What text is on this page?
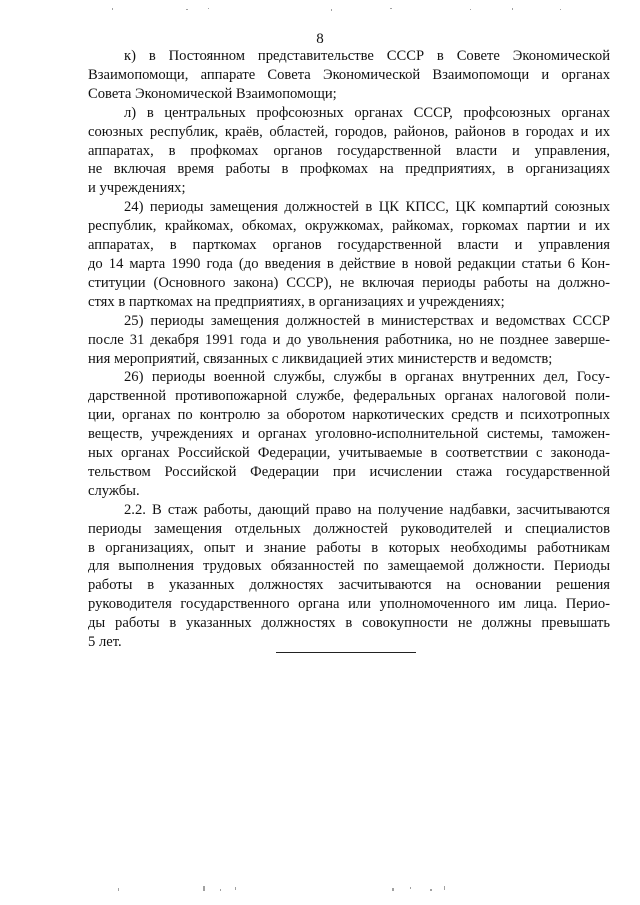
8
к) в Постоянном представительстве СССР в Совете Экономической
Взаимопомощи, аппарате Совета Экономической Взаимопомощи и органах
Совета Экономической Взаимопомощи;
л) в центральных профсоюзных органах СССР, профсоюзных органах
союзных республик, краёв, областей, городов, районов, районов в городах и их
аппаратах, в профкомах органов государственной власти и управления,
не включая время работы в профкомах на предприятиях, в организациях
и учреждениях;
24) периоды замещения должностей в ЦК КПСС, ЦК компартий союзных
республик, крайкомах, обкомах, окружкомах, райкомах, горкомах партии и их
аппаратах, в парткомах органов государственной власти и управления
до 14 марта 1990 года (до введения в действие в новой редакции статьи 6 Кон-
ституции (Основного закона) СССР), не включая периоды работы на должно-
стях в парткомах на предприятиях, в организациях и учреждениях;
25) периоды замещения должностей в министерствах и ведомствах СССР
после 31 декабря 1991 года и до увольнения работника, но не позднее заверше-
ния мероприятий, связанных с ликвидацией этих министерств и ведомств;
26) периоды военной службы, службы в органах внутренних дел, Госу-
дарственной противопожарной службе, федеральных органах налоговой поли-
ции, органах по контролю за оборотом наркотических средств и психотропных
веществ, учреждениях и органах уголовно-исполнительной системы, таможен-
ных органах Российской Федерации, учитываемые в соответствии с законода-
тельством Российской Федерации при исчислении стажа государственной
службы.
2.2. В стаж работы, дающий право на получение надбавки, засчитываются
периоды замещения отдельных должностей руководителей и специалистов
в организациях, опыт и знание работы в которых необходимы работникам
для выполнения трудовых обязанностей по замещаемой должности. Периоды
работы в указанных должностях засчитываются на основании решения
руководителя государственного органа или уполномоченного им лица. Перио-
ды работы в указанных должностях в совокупности не должны превышать
5 лет.
